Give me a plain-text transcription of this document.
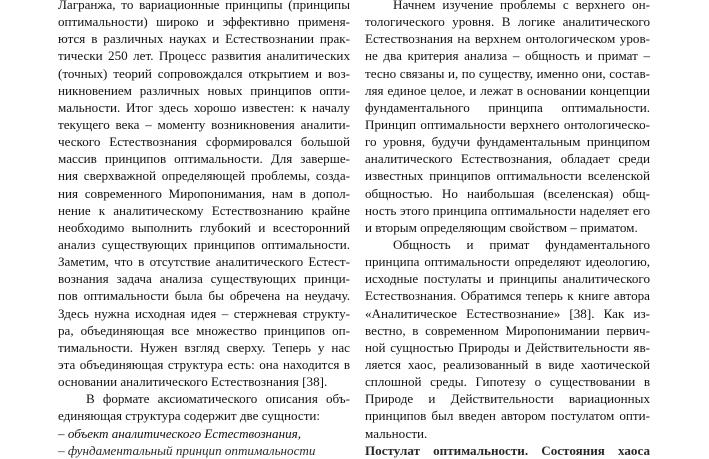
Лагранжа, то вариационные принципы (принципы
оптимальности) широко и эффективно применя-
ются в различных науках и Естествознании прак-
тически 250 лет. Процесс развития аналитических
(точных) теорий сопровождался открытием и воз-
никновением различных новых принципов опти-
мальности. Итог здесь хорошо известен: к началу
текущего века – моменту возникновения аналити-
ческого Естествознания сформировался большой
массив принципов оптимальности. Для заверше-
ния сверхважной определяющей проблемы, созда-
ния современного Миропонимания, нам в допол-
нение к аналитическому Естествознанию крайне
необходимо выполнить глубокий и всесторонний
анализ существующих принципов оптимальности.
Заметим, что в отсутствие аналитического Естест-
вознания задача анализа существующих принци-
пов оптимальности была бы обречена на неудачу.
Здесь нужна исходная идея – стержневая структу-
ра, объединяющая все множество принципов оп-
тимальности. Нужен взгляд сверху. Теперь у нас
эта объединяющая структура есть: она находится в
основании аналитического Естествознания [38].
В формате аксиоматического описания объ-
единяющая структура содержит две сущности:
– объект аналитического Естествознания,
– фундаментальный принцип оптимальности
Начнем изучение проблемы с верхнего он-
тологического уровня. В логике аналитического
Естествознания на верхнем онтологическом уров-
не два критерия анализа – общность и примат –
тесно связаны и, по существу, именно они, состав-
ляя единое целое, и лежат в основании концепции
фундаментального принципа оптимальности.
Принцип оптимальности верхнего онтологическо-
го уровня, будучи фундаментальным принципом
аналитического Естествознания, обладает среди
известных принципов оптимальности вселенской
общностью. Но наибольшая (вселенская) общ-
ность этого принципа оптимальности наделяет его
и вторым определяющим свойством – приматом.
Общность и примат фундаментального
принципа оптимальности определяют идеологию,
исходные постулаты и принципы аналитического
Естествознания. Обратимся теперь к книге автора
«Аналитическое Естествознание» [38]. Как из-
вестно, в современном Миропонимании первич-
ной сущностью Природы и Действительности яв-
ляется хаос, реализованный в виде хаотической
сплошной среды. Гипотезу о существовании в
Природе и Действительности вариационных
принципов был введен автором постулатом опти-
мальности.
Постулат оптимальности. Состояния хаоса
